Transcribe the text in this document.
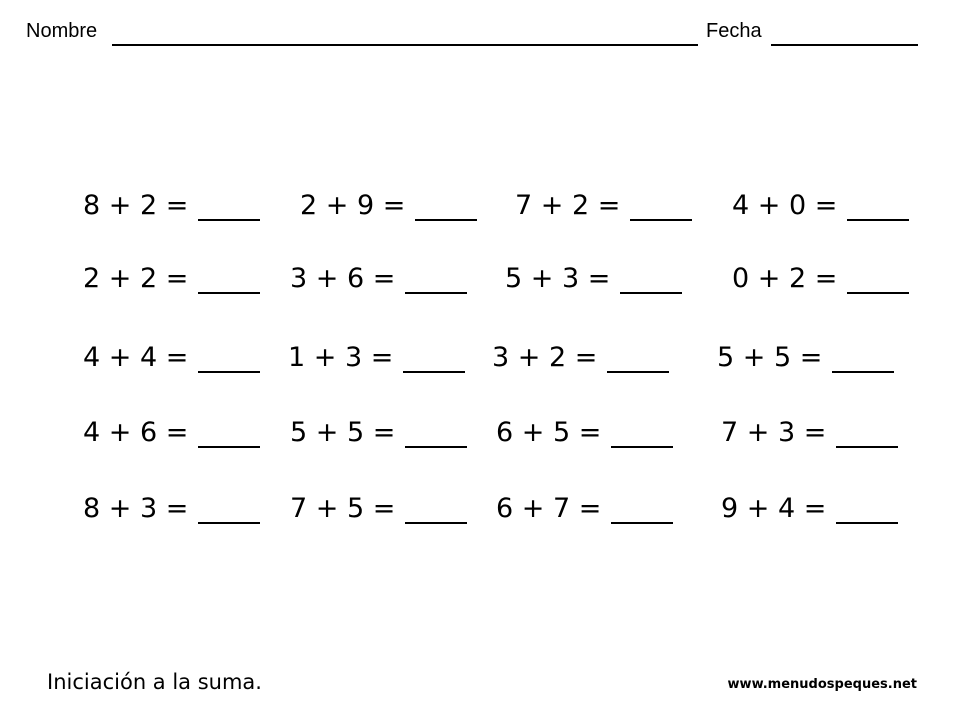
Nombre	Fecha
8 + 2 =	2 + 9 =	7 + 2 =	4 + 0 =
2 + 2 =	3 + 6 =	5 + 3 =	0 + 2 =
4 + 4 =	1 + 3 =	3 + 2 =	5 + 5 =
4 + 6 =	5 + 5 =	6 + 5 =	7 + 3 =
8 + 3 =	7 + 5 =	6 + 7 =	9 + 4 =
Iniciación a la suma.	www.menudospeques.net
